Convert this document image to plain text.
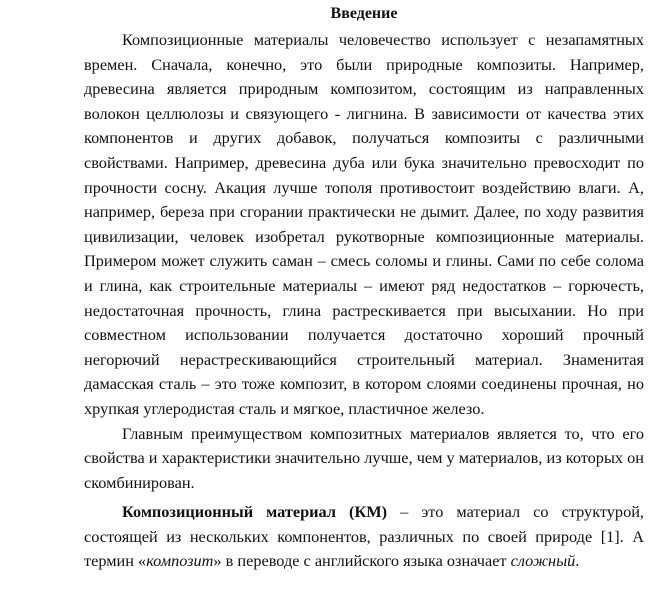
Введение

Композиционные материалы человечество использует с незапамятных времен. Сначала, конечно, это были природные композиты. Например, древесина является природным композитом, состоящим из направленных волокон целлюлозы и связующего - лигнина. В зависимости от качества этих компонентов и других добавок, получаться композиты с различными свойствами. Например, древесина дуба или бука значительно превосходит по прочности сосну. Акация лучше тополя противостоит воздействию влаги. А, например, береза при сгорании практически не дымит. Далее, по ходу развития цивилизации, человек изобретал рукотворные композиционные материалы. Примером может служить саман – смесь соломы и глины. Сами по себе солома и глина, как строительные материалы – имеют ряд недостатков – горючесть, недостаточная прочность, глина растрескивается при высыхании. Но при совместном использовании получается достаточно хороший прочный негорючий нерастрескивающийся строительный материал. Знаменитая дамасская сталь – это тоже композит, в котором слоями соединены прочная, но хрупкая углеродистая сталь и мягкое, пластичное железо.

Главным преимуществом композитных материалов является то, что его свойства и характеристики значительно лучше, чем у материалов, из которых он скомбинирован.

Композиционный материал (КМ) – это материал со структурой, состоящей из нескольких компонентов, различных по своей природе [1]. А термин «композит» в переводе с английского языка означает сложный.
